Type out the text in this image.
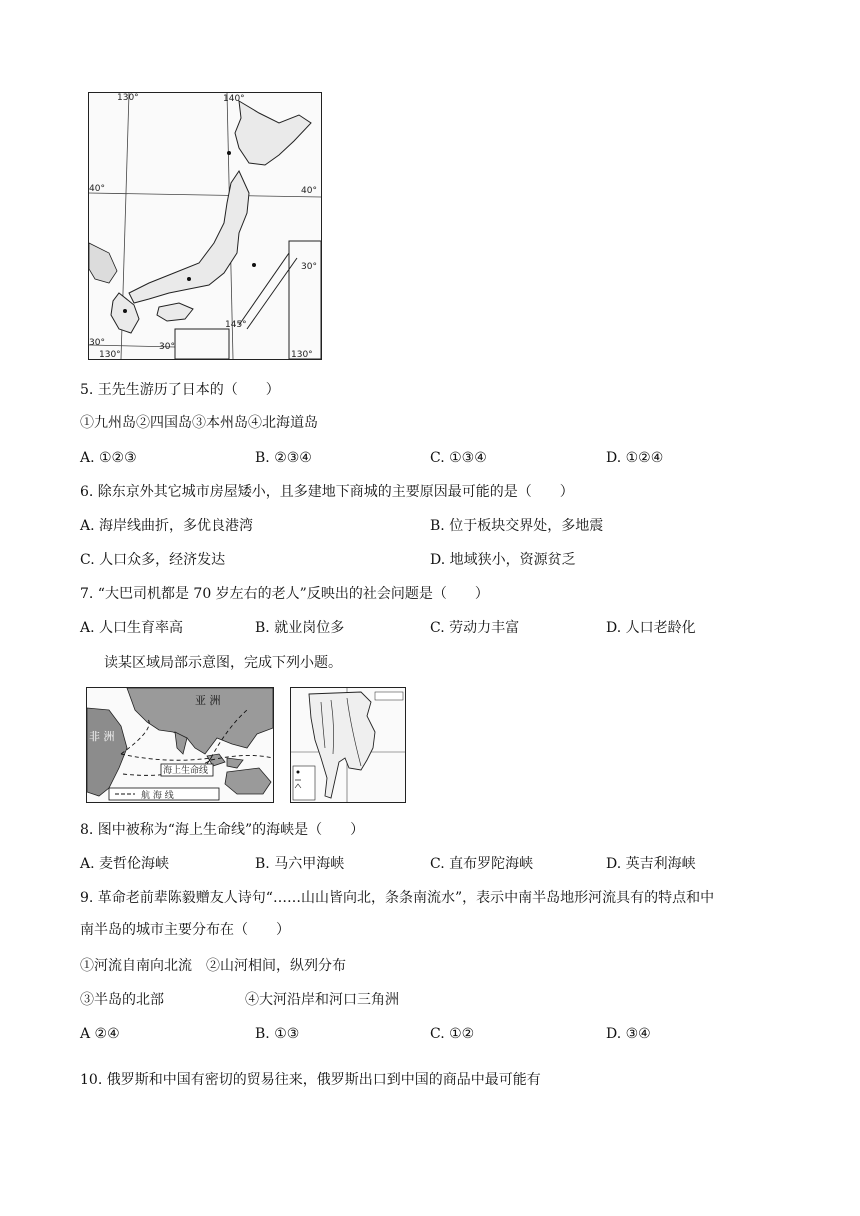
130°	140°
40°	40°
30°
145°
30°
130°
30°
130°
5. 王先生游历了日本的（　　）
①九州岛②四国岛③本州岛④北海道岛
A. ①②③	B. ②③④	C. ①③④	D. ①②④
6. 除东京外其它城市房屋矮小，且多建地下商城的主要原因最可能的是（　　）
A. 海岸线曲折，多优良港湾	B. 位于板块交界处，多地震
C. 人口众多，经济发达	D. 地域狭小，资源贫乏
7. “大巴司机都是 70 岁左右的老人”反映出的社会问题是（　　）
A. 人口生育率高	B. 就业岗位多	C. 劳动力丰富	D. 人口老龄化
读某区域局部示意图，完成下列小题。
海上生命线
亚 洲
非 洲
航 海 线
8. 图中被称为“海上生命线”的海峡是（　　）
A. 麦哲伦海峡	B. 马六甲海峡	C. 直布罗陀海峡	D. 英吉利海峡
9. 革命老前辈陈毅赠友人诗句“……山山皆向北，条条南流水”，表示中南半岛地形河流具有的特点和中
南半岛的城市主要分布在（　　）
①河流自南向北流　②山河相间，纵列分布
③半岛的北部	④大河沿岸和河口三角洲
A ②④	B. ①③	C. ①②	D. ③④
10. 俄罗斯和中国有密切的贸易往来，俄罗斯出口到中国的商品中最可能有
